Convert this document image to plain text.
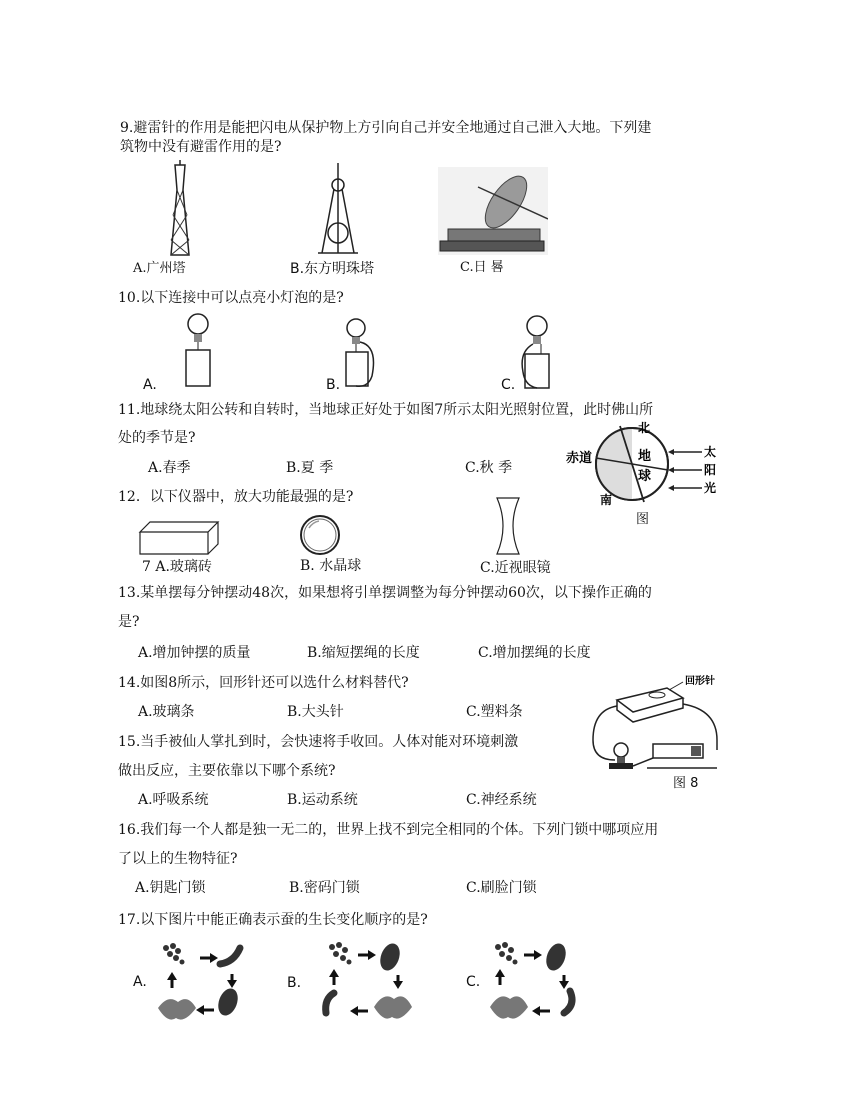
9.避雷针的作用是能把闪电从保护物上方引向自己并安全地通过自己泄入大地。下列建
筑物中没有避雷作用的是?
A.广州塔	B.东方明珠塔	C.日 晷
10.以下连接中可以点亮小灯泡的是?
A.	B.	C.
11.地球绕太阳公转和自转时，当地球正好处于如图7所示太阳光照射位置，此时佛山所
处的季节是?
A.春季	B.夏 季	C.秋 季
北
南
赤道	地
球
太
阳
光
图
12．以下仪器中，放大功能最强的是?
7 A.玻璃砖	B. 水晶球	C.近视眼镜
13.某单摆每分钟摆动48次，如果想将引单摆调整为每分钟摆动60次，以下操作正确的
是?
A.增加钟摆的质量	B.缩短摆绳的长度	C.增加摆绳的长度
14.如图8所示，回形针还可以选什么材料替代?
A.玻璃条	B.大头针	C.塑料条
回形针
图 8
15.当手被仙人掌扎到时，会快速将手收回。人体对能对环境刺激
做出反应，主要依靠以下哪个系统?
A.呼吸系统	B.运动系统	C.神经系统
16.我们每一个人都是独一无二的，世界上找不到完全相同的个体。下列门锁中哪项应用
了以上的生物特征?
A.钥匙门锁	B.密码门锁	C.刷脸门锁
17.以下图片中能正确表示蚕的生长变化顺序的是?
A.	B.	C.
